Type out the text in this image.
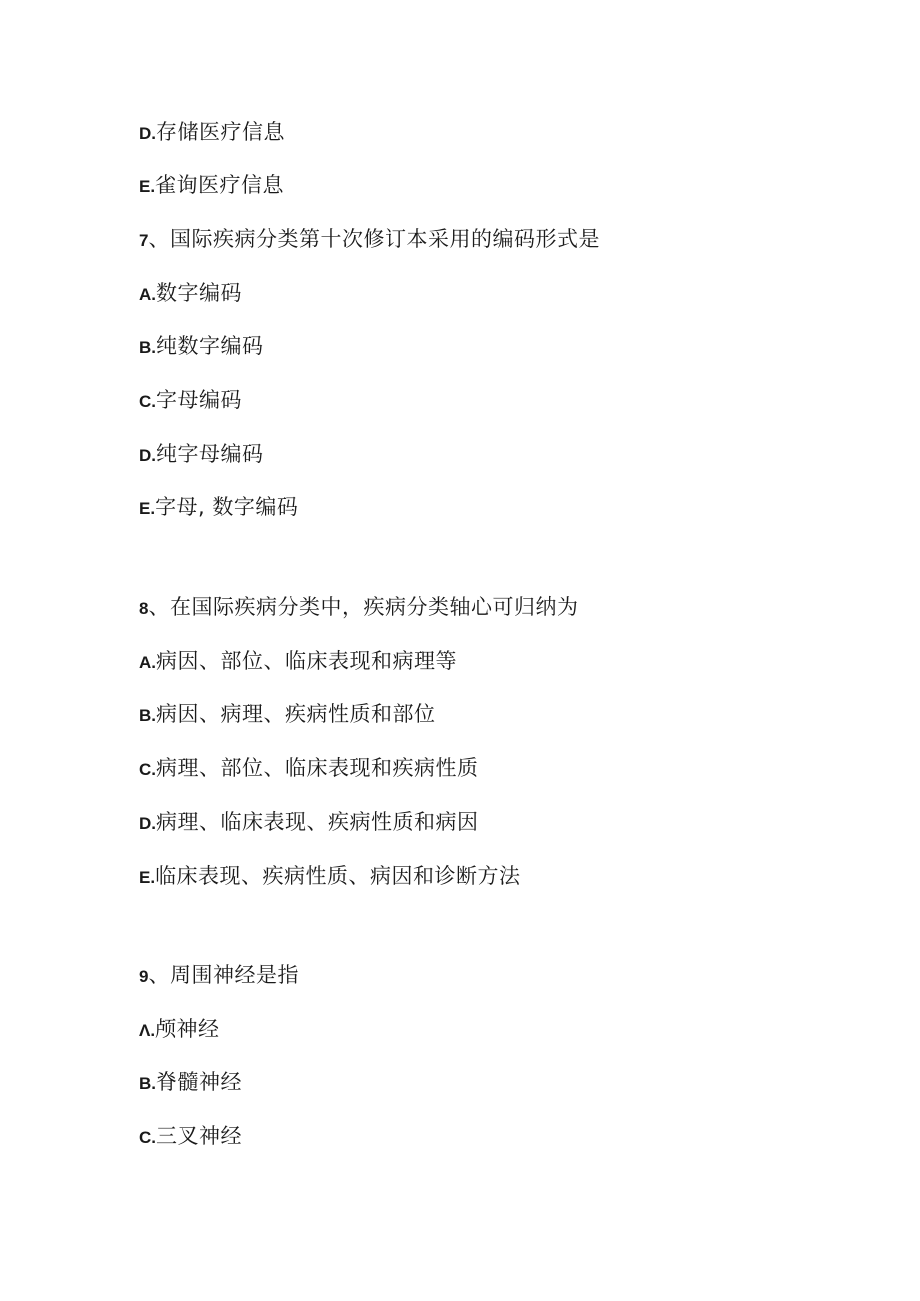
D.存储医疗信息
E.雀询医疗信息
7、国际疾病分类第十次修订本采用的编码形式是
A.数字编码
B.纯数字编码
C.字母编码
D.纯字母编码
E.字母, 数字编码
8、在国际疾病分类中，疾病分类轴心可归纳为
A.病因、部位、临床表现和病理等
B.病因、病理、疾病性质和部位
C.病理、部位、临床表现和疾病性质
D.病理、临床表现、疾病性质和病因
E.临床表现、疾病性质、病因和诊断方法
9、周围神经是指
Λ.颅神经
B.脊髓神经
C.三叉神经
